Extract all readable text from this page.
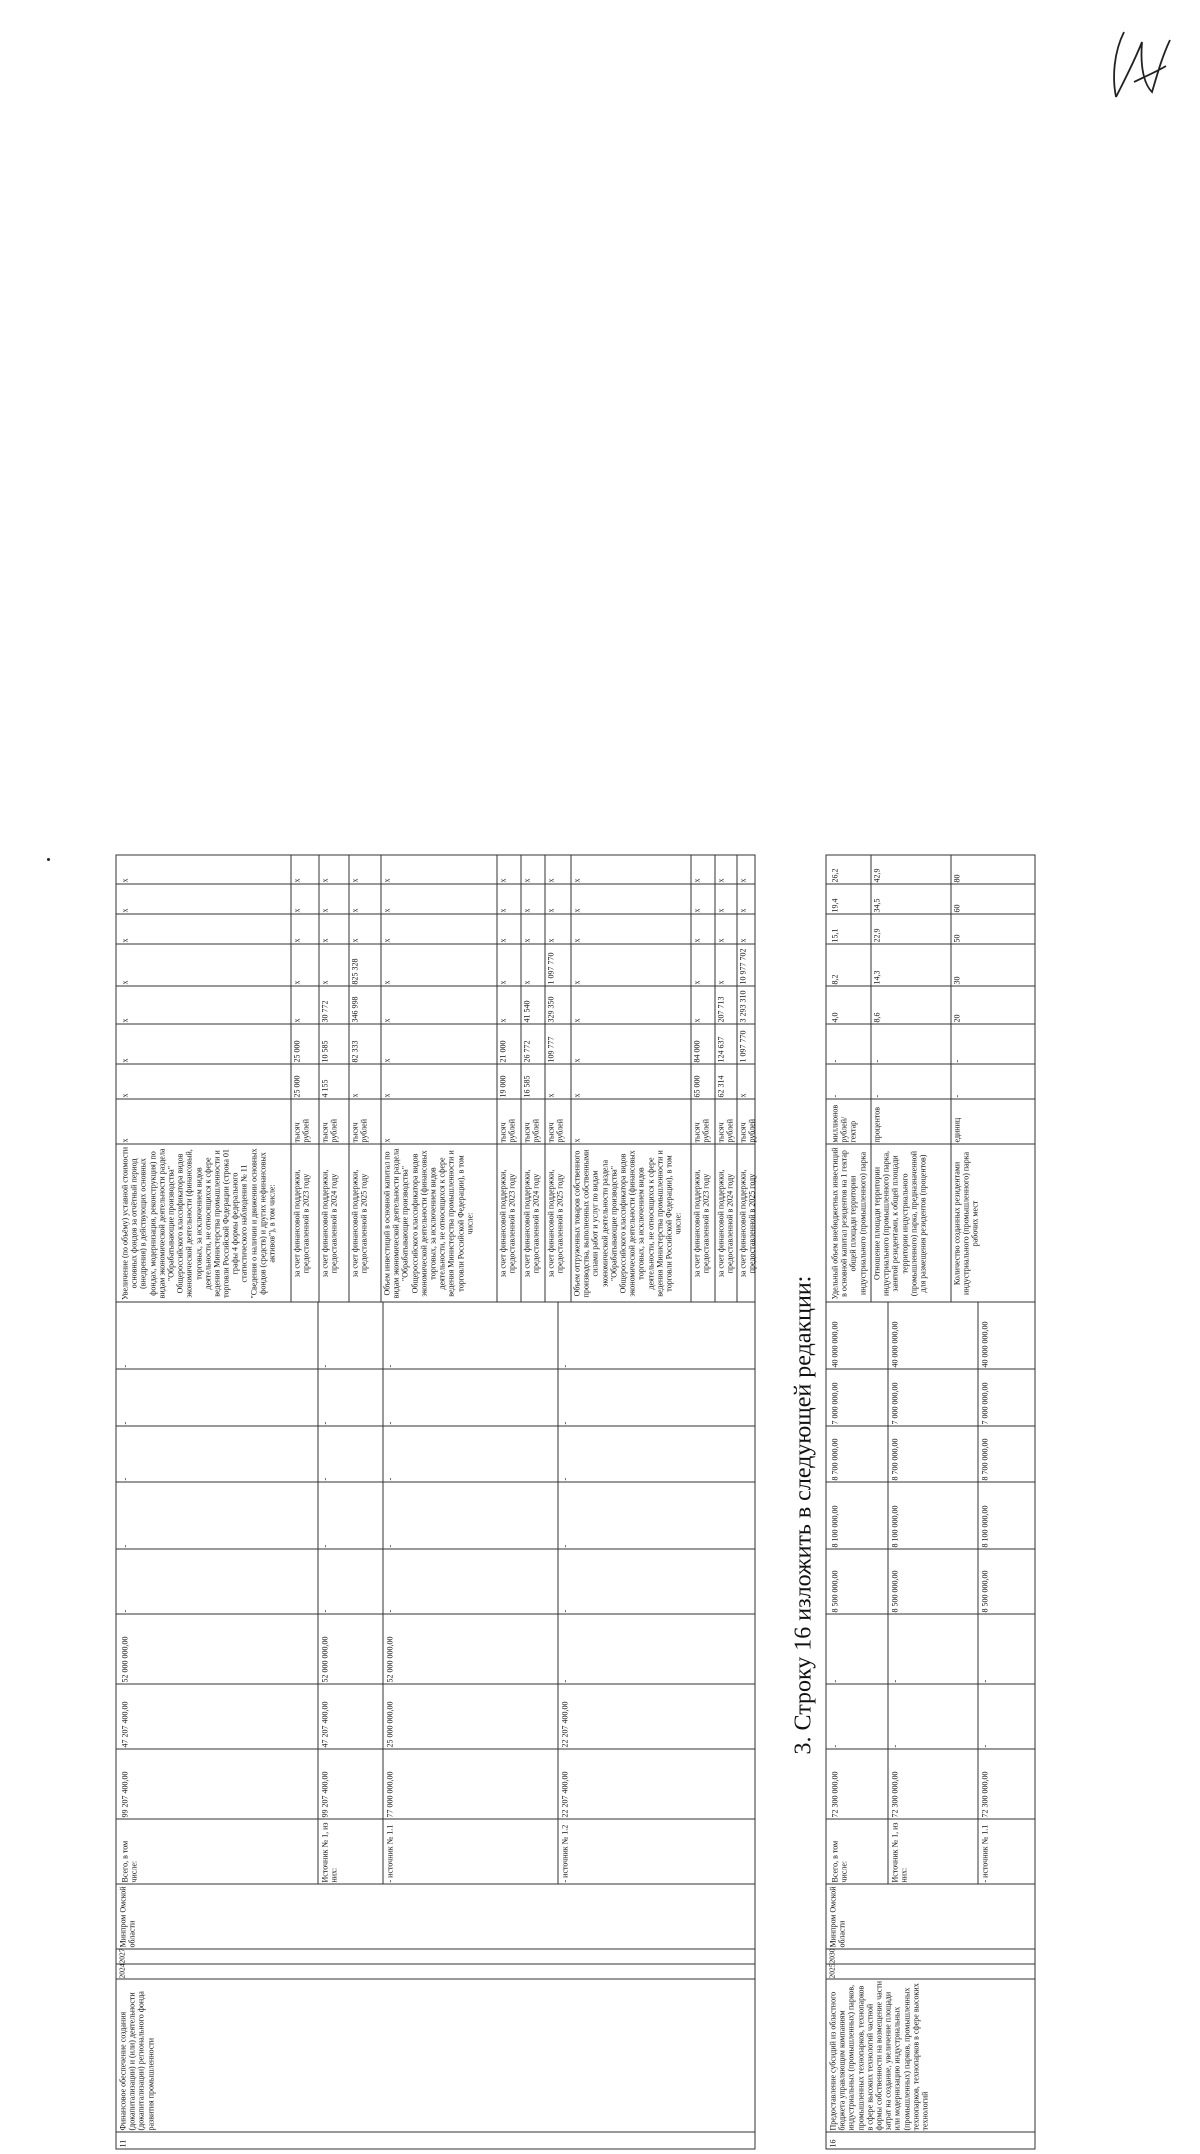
11
Финансовое обеспечение создания (докапитализации) и (или) деятельности (докапитализации) регионального фонда развития промышленности
2024
2027
Минпром Омской области
Всего, в том числе:
99 207 400,00
47 207 400,00
52 000 000,00
-
-
-
-
-
Источник № 1, из них:
99 207 400,00
47 207 400,00
52 000 000,00
-
-
-
-
-
- источник № 1.1
77 000 000,00
25 000 000,00
52 000 000,00
-
-
-
-
-
- источник № 1.2
22 207 400,00
22 207 400,00
-
-
-
-
-
-
Увеличение (по объёму) уставной стоимости основных фондов за отчётный период (внедрения) в действующих основных фондах, модернизация, реконструкция) по видам экономической деятельности раздела "Обрабатывающие производства" Общероссийского классификатора видов экономической деятельности (финансовый, торговых, за исключением видов деятельности, не относящихся к сфере ведения Министерства промышленности и торговли Российской Федерации (строка 01 графы 4 формы федерального статистического наблюдения № 11 "Сведения о наличии и движении основных фондов (средств) и других нефинансовых активов"), в том числе:
x
x
x
x
x
x
x
x
за счет финансовой поддержки, предоставленной в 2023 году
тысяч рублей
25 000
25 000
x
x
x
x
x
за счет финансовой поддержки, предоставленной в 2024 году
тысяч рублей
4 155
10 585
30 772
x
x
x
x
за счет финансовой поддержки, предоставленной в 2025 году
тысяч рублей
x
82 333
346 998
825 328
x
x
x
Объем инвестиций в основной капитал по видам экономической деятельности раздела "Обрабатывающие производства" Общероссийского классификатора видов экономической деятельности (финансовых торговых, за исключением видов деятельности, не относящихся к сфере ведения Министерства промышленности и торговли Российской Федерации), в том числе:
x
x
x
x
x
x
x
x
за счет финансовой поддержки, предоставленной в 2023 году
тысяч рублей
19 000
21 000
x
x
x
x
x
за счет финансовой поддержки, предоставленной в 2024 году
тысяч рублей
16 585
26 772
41 540
x
x
x
x
за счет финансовой поддержки, предоставленной в 2025 году
тысяч рублей
x
109 777
329 350
1 097 770
x
x
x
Объем отгруженных товаров собственного производства, выполненных собственными силами работ и услуг по видам экономической деятельности раздела "Обрабатывающие производства" Общероссийского классификатора видов экономической деятельности (финансовых торговых, за исключением видов деятельности, не относящихся к сфере ведения Министерства промышленности и торговли Российской Федерации), в том числе:
x
x
x
x
x
x
x
x
за счет финансовой поддержки, предоставленной в 2023 году
тысяч рублей
65 000
84 000
x
x
x
x
x
за счет финансовой поддержки, предоставленной в 2024 году
тысяч рублей
62 314
124 637
207 713
x
x
x
x
за счет финансовой поддержки, предоставленной в 2025 году
тысяч рублей
x
1 097 770
3 293 310
10 977 702
x
x
x
3. Строку 16 изложить в следующей редакции:
16
Предоставление субсидий из областного бюджета управляющим компаниям индустриальных (промышленных) парков, промышленных технопарков, технопарков в сфере высоких технологий частной формы собственности на возмещение части затрат на создание, увеличение площади или модернизацию индустриальных (промышленных) парков, промышленных технопарков, технопарков в сфере высоких технологий
2025
2030
Минпром Омской области
Всего, в том числе:
72 300 000,00
-
-
8 500 000,00
8 100 000,00
8 700 000,00
7 000 000,00
40 000 000,00
Источник № 1, из них:
72 300 000,00
-
-
8 500 000,00
8 100 000,00
8 700 000,00
7 000 000,00
40 000 000,00
- источник № 1.1
72 300 000,00
-
-
8 500 000,00
8 100 000,00
8 700 000,00
7 000 000,00
40 000 000,00
Удельный объем внебюджетных инвестиций в основной капитал резидентов на 1 гектар общей площади территории индустриального (промышленного) парка
миллионов рублей/гектар
-
-
4,0
8,2
15,1
19,4
26,2
Отношение площади территории индустриального (промышленного) парка, занятой резидентами, к общей площади территории индустриального (промышленного) парка, предназначенной для размещения резидентов (процентов)
процентов
-
-
8,6
14,3
22,9
34,5
42,9
Количество созданных резидентами индустриального (промышленного) парка рабочих мест
единиц
-
-
20
30
50
60
80
